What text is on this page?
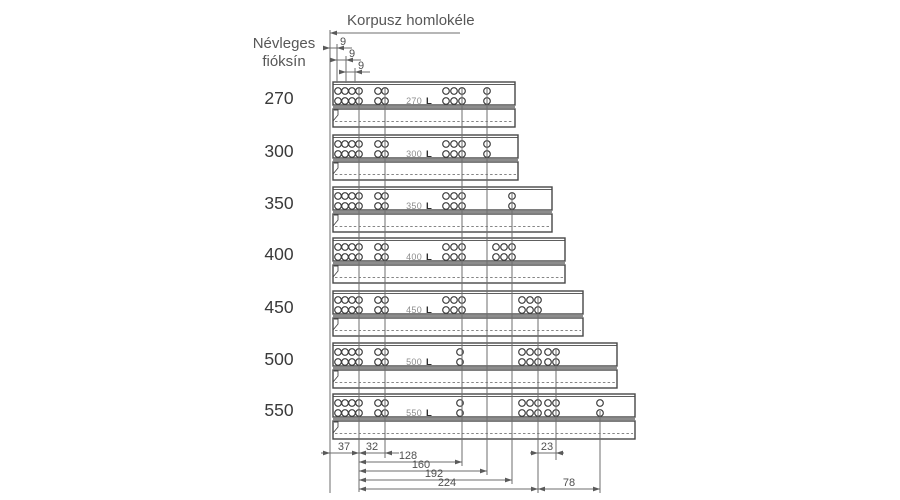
Korpusz homlokéle
Névleges
fióksín
270
300
350
400
450
500
550
270 L
300 L
350 L
400 L
450 L
500 L
550 L
9
9
9
37 32	23
128
160
192
224	78
